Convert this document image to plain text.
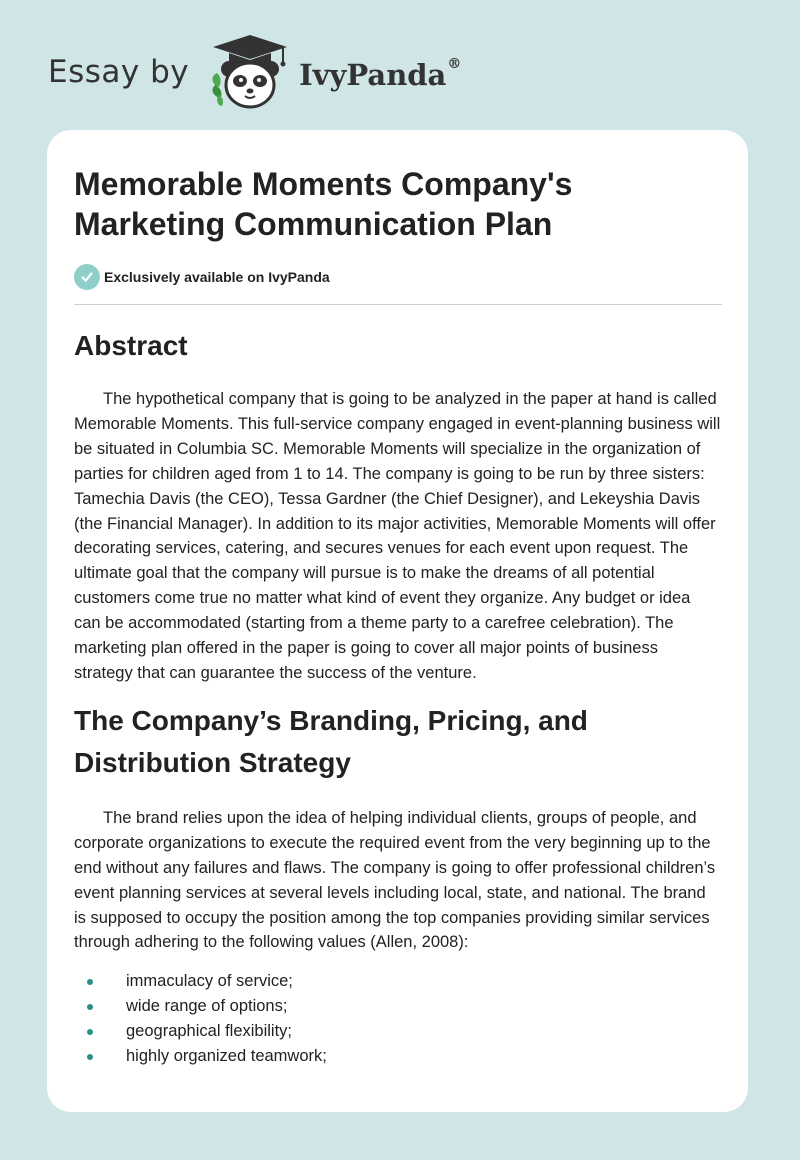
Essay by	IvyPanda®
Memorable Moments Company's Marketing Communication Plan
Exclusively available on IvyPanda
Abstract

The hypothetical company that is going to be analyzed in the paper at hand is called Memorable Moments. This full-service company engaged in event-planning business will be situated in Columbia SC. Memorable Moments will specialize in the organization of parties for children aged from 1 to 14. The company is going to be run by three sisters: Tamechia Davis (the CEO), Tessa Gardner (the Chief Designer), and Lekeyshia Davis (the Financial Manager). In addition to its major activities, Memorable Moments will offer decorating services, catering, and secures venues for each event upon request. The ultimate goal that the company will pursue is to make the dreams of all potential customers come true no matter what kind of event they organize. Any budget or idea can be accommodated (starting from a theme party to a carefree celebration). The marketing plan offered in the paper is going to cover all major points of business strategy that can guarantee the success of the venture.

The Company’s Branding, Pricing, and Distribution Strategy

The brand relies upon the idea of helping individual clients, groups of people, and corporate organizations to execute the required event from the very beginning up to the end without any failures and flaws. The company is going to offer professional children’s event planning services at several levels including local, state, and national. The brand is supposed to occupy the position among the top companies providing similar services through adhering to the following values (Allen, 2008):

immaculacy of service;
wide range of options;
geographical flexibility;
highly organized teamwork;
